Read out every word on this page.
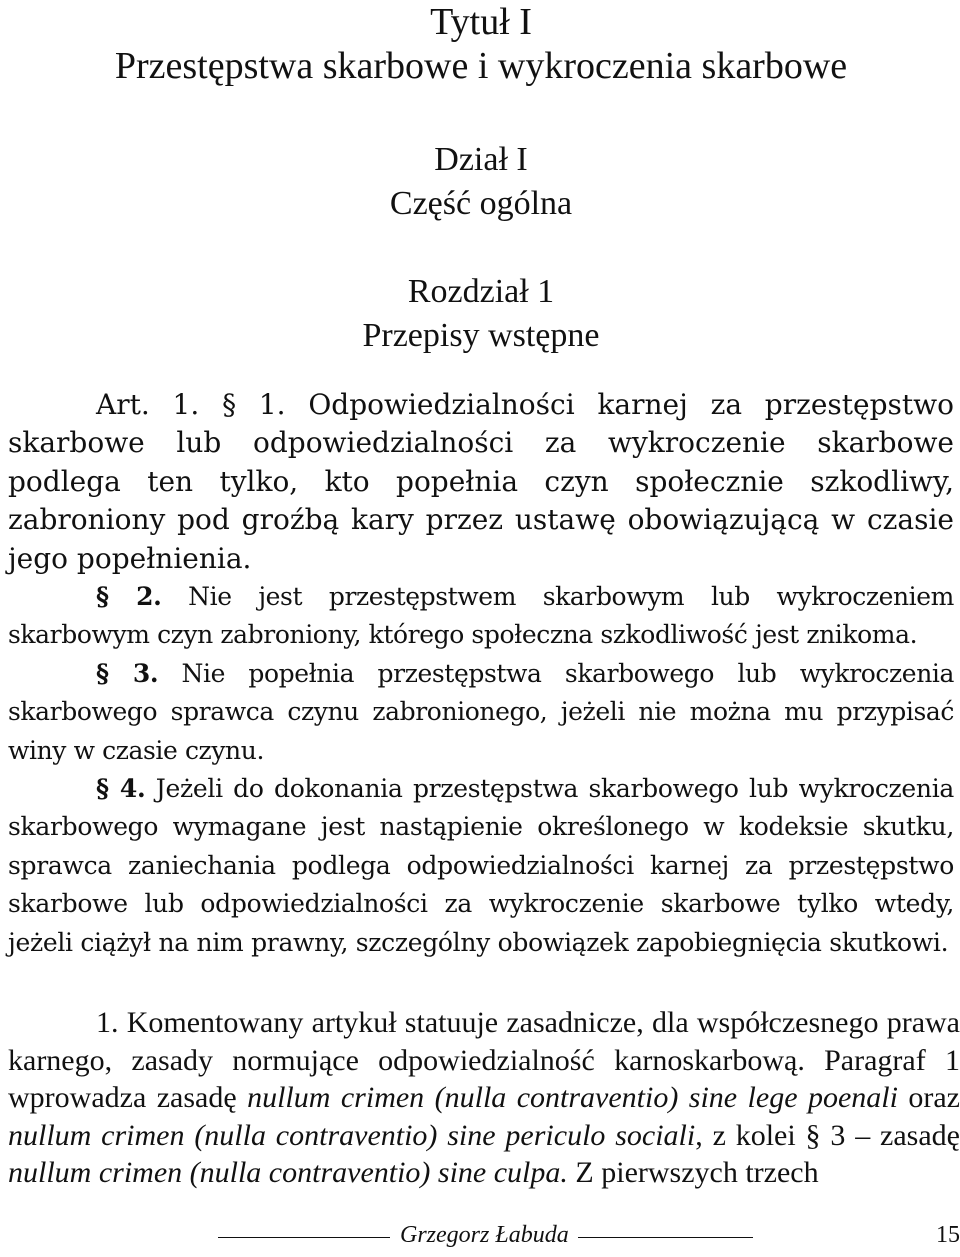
Tytuł I
Przestępstwa skarbowe i wykroczenia skarbowe
Dział I
Część ogólna
Rozdział 1
Przepisy wstępne

Art. 1. § 1. Odpowiedzialności karnej za przestępstwo skarbowe lub odpowiedzialności za wykroczenie skarbowe podlega ten tylko, kto popełnia czyn społecznie szkodliwy, zabroniony pod groźbą kary przez ustawę obowiązującą w czasie jego popełnienia.

§ 2. Nie jest przestępstwem skarbowym lub wykroczeniem skarbowym czyn zabroniony, którego społeczna szkodliwość jest znikoma.

§ 3. Nie popełnia przestępstwa skarbowego lub wykroczenia skarbowego sprawca czynu zabronionego, jeżeli nie można mu przypisać winy w czasie czynu.

§ 4. Jeżeli do dokonania przestępstwa skarbowego lub wykroczenia skarbowego wymagane jest nastąpienie określonego w kodeksie skutku, sprawca zaniechania podlega odpowiedzialności karnej za przestępstwo skarbowe lub odpowiedzialności za wykroczenie skarbowe tylko wtedy, jeżeli ciążył na nim prawny, szczególny obowiązek zapobiegnięcia skutkowi.

1. Komentowany artykuł statuuje zasadnicze, dla współczesnego prawa karnego, zasady normujące odpowiedzialność karnoskarbową. Paragraf 1 wprowadza zasadę nullum crimen (nulla contraventio) sine lege poenali oraz nullum crimen (nulla contraventio) sine periculo sociali, z kolei § 3 – zasadę nullum crimen (nulla contraventio) sine culpa. Z pierwszych trzech

Grzegorz Łabuda	15
